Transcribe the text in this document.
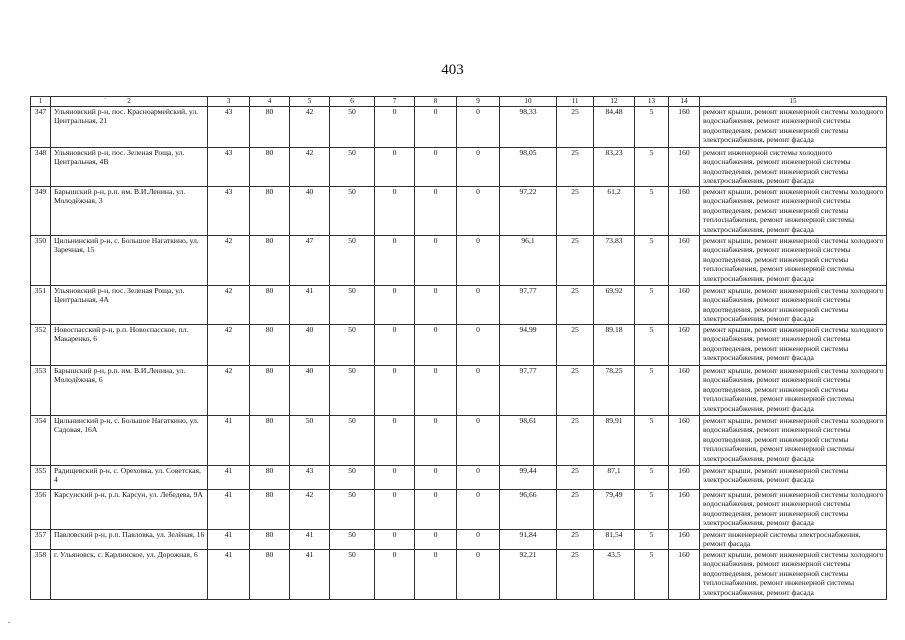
403
1	2	3	4	5	6	7	8	9	10	11	12	13	14	15
347	Ульяновский р-н, пос. Красноармейский, ул. Центральная, 21	43	80	42	50	0	0	0	98,33	25	84,48	5	160	ремонт крыши, ремонт инженерной системы холодного водоснабжения, ремонт инженерной системы водоотведения, ремонт инженерной системы электроснабжения, ремонт фасада
348	Ульяновский р-н, пос. Зеленая Роща, ул. Центральная, 4В	43	80	42	50	0	0	0	98,05	25	83,23	5	160	ремонт инженерной системы холодного водоснабжения, ремонт инженерной системы водоотведения, ремонт инженерной системы электроснабжения, ремонт фасада
349	Барышский р-н, р.п. им. В.И.Ленина, ул. Молодёжная, 3	43	80	40	50	0	0	0	97,22	25	61,2	5	160	ремонт крыши, ремонт инженерной системы холодного водоснабжения, ремонт инженерной системы водоотведения, ремонт инженерной системы теплоснабжения, ремонт инженерной системы электроснабжения, ремонт фасада
350	Цильнинский р-н, с. Большое Нагаткино, ул. Заречная, 15	42	80	47	50	0	0	0	96,1	25	73,83	5	160	ремонт крыши, ремонт инженерной системы холодного водоснабжения, ремонт инженерной системы водоотведения, ремонт инженерной системы теплоснабжения, ремонт инженерной системы электроснабжения, ремонт фасада
351	Ульяновский р-н, пос. Зеленая Роща, ул. Центральная, 4А	42	80	41	50	0	0	0	97,77	25	69,92	5	160	ремонт крыши, ремонт инженерной системы холодного водоснабжения, ремонт инженерной системы водоотведения, ремонт инженерной системы электроснабжения, ремонт фасада
352	Новоспасский р-н, р.п. Новоспасское, пл. Макаренко, 6	42	80	40	50	0	0	0	94,99	25	89,18	5	160	ремонт крыши, ремонт инженерной системы холодного водоснабжения, ремонт инженерной системы водоотведения, ремонт инженерной системы электроснабжения, ремонт фасада
353	Барышский р-н, р.п. им. В.И.Ленина, ул. Молодёжная, 6	42	80	40	50	0	0	0	97,77	25	78,25	5	160	ремонт крыши, ремонт инженерной системы холодного водоснабжения, ремонт инженерной системы водоотведения, ремонт инженерной системы теплоснабжения, ремонт инженерной системы электроснабжения, ремонт фасада
354	Цильнинский р-н, с. Большое Нагаткино, ул. Садовая, 16А	41	80	50	50	0	0	0	98,61	25	89,91	5	160	ремонт крыши, ремонт инженерной системы холодного водоснабжения, ремонт инженерной системы водоотведения, ремонт инженерной системы теплоснабжения, ремонт инженерной системы электроснабжения, ремонт фасада
355	Радищевский р-н, с. Ореховка, ул. Советская, 4	41	80	43	50	0	0	0	99,44	25	87,1	5	160	ремонт крыши, ремонт инженерной системы электроснабжения, ремонт фасада
356	Карсунский р-н, р.п. Карсун, ул. Лебедева, 9А	41	80	42	50	0	0	0	96,66	25	79,49	5	160	ремонт крыши, ремонт инженерной системы холодного водоснабжения, ремонт инженерной системы водоотведения, ремонт инженерной системы электроснабжения, ремонт фасада
357	Павловский р-н, р.п. Павловка, ул. Зелёная, 16	41	80	41	50	0	0	0	91,84	25	81,54	5	160	ремонт инженерной системы электроснабжения, ремонт фасада
358	г. Ульяновск, с. Карлинское, ул. Дорожная, 6	41	80	41	50	0	0	0	92,21	25	43,5	5	160	ремонт крыши, ремонт инженерной системы холодного водоснабжения, ремонт инженерной системы водоотведения, ремонт инженерной системы теплоснабжения, ремонт инженерной системы электроснабжения, ремонт фасада
·
-
